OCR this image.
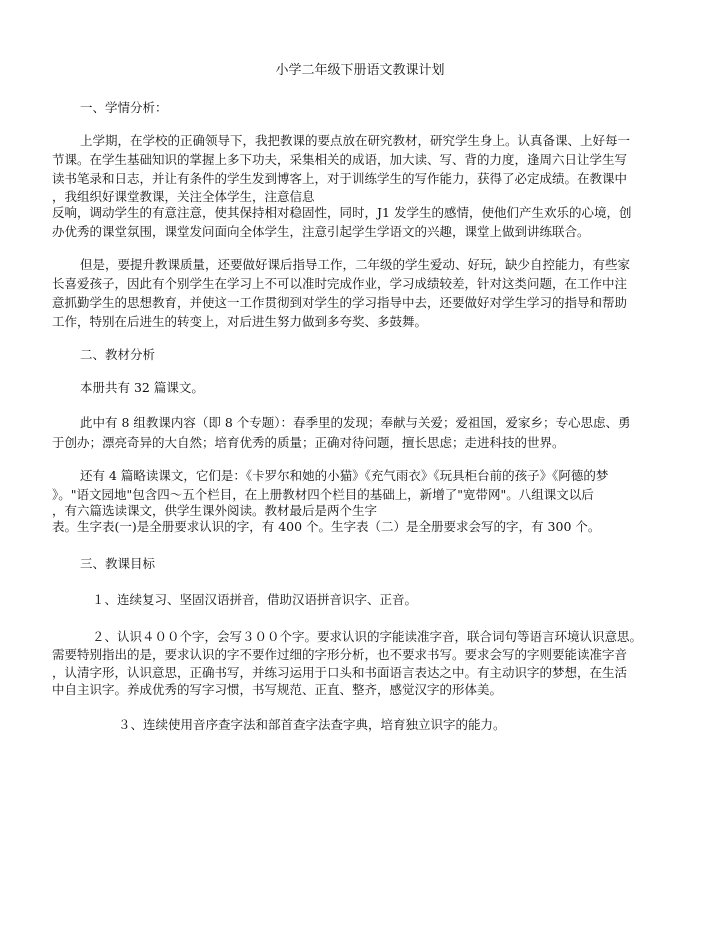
小学二年级下册语文教课计划
一、学情分析：
上学期，在学校的正确领导下，我把教课的要点放在研究教材，研究学生身上。认真备课、上好每一
节课。在学生基础知识的掌握上多下功夫，采集相关的成语，加大读、写、背的力度，逢周六日让学生写
读书笔录和日志，并让有条件的学生发到博客上，对于训练学生的写作能力，获得了必定成绩。在教课中
，我组织好课堂教课，关注全体学生，注意信息
反响，调动学生的有意注意，使其保持相对稳固性，同时，J1 发学生的感情，使他们产生欢乐的心境，创
办优秀的课堂氛围，课堂发问面向全体学生，注意引起学生学语文的兴趣，课堂上做到讲练联合。
但是，要提升教课质量，还要做好课后指导工作，二年级的学生爱动、好玩，缺少自控能力，有些家
长喜爱孩子，因此有个别学生在学习上不可以准时完成作业，学习成绩较差，针对这类问题，在工作中注
意抓勤学生的思想教育，并使这一工作贯彻到对学生的学习指导中去，还要做好对学生学习的指导和帮助
工作，特别在后进生的转变上，对后进生努力做到多夸奖、多鼓舞。
二、教材分析
本册共有 32 篇课文。
此中有 8 组教课内容（即 8 个专题）：春季里的发现；奉献与关爱；爱祖国，爱家乡；专心思虑、勇
于创办；漂亮奇异的大自然；培育优秀的质量；正确对待问题，擅长思虑；走进科技的世界。
还有 4 篇略读课文，它们是：《卡罗尔和她的小猫》《充气雨衣》《玩具柜台前的孩子》《阿德的梦
》。"语文园地"包含四～五个栏目，在上册教材四个栏目的基础上，新增了"宽带网"。八组课文以后
，有六篇选读课文，供学生课外阅读。教材最后是两个生字
表。生字表(一)是全册要求认识的字，有 400 个。生字表（二）是全册要求会写的字，有 300 个。
三、教课目标
１、连续复习、坚固汉语拼音，借助汉语拼音识字、正音。
２、认识４００个字，会写３００个字。要求认识的字能读准字音，联合词句等语言环境认识意思。
需要特别指出的是，要求认识的字不要作过细的字形分析，也不要求书写。要求会写的字则要能读准字音
，认清字形，认识意思，正确书写，并练习运用于口头和书面语言表达之中。有主动识字的梦想，在生活
中自主识字。养成优秀的写字习惯，书写规范、正直、整齐，感觉汉字的形体美。
３、连续使用音序查字法和部首查字法查字典，培育独立识字的能力。
